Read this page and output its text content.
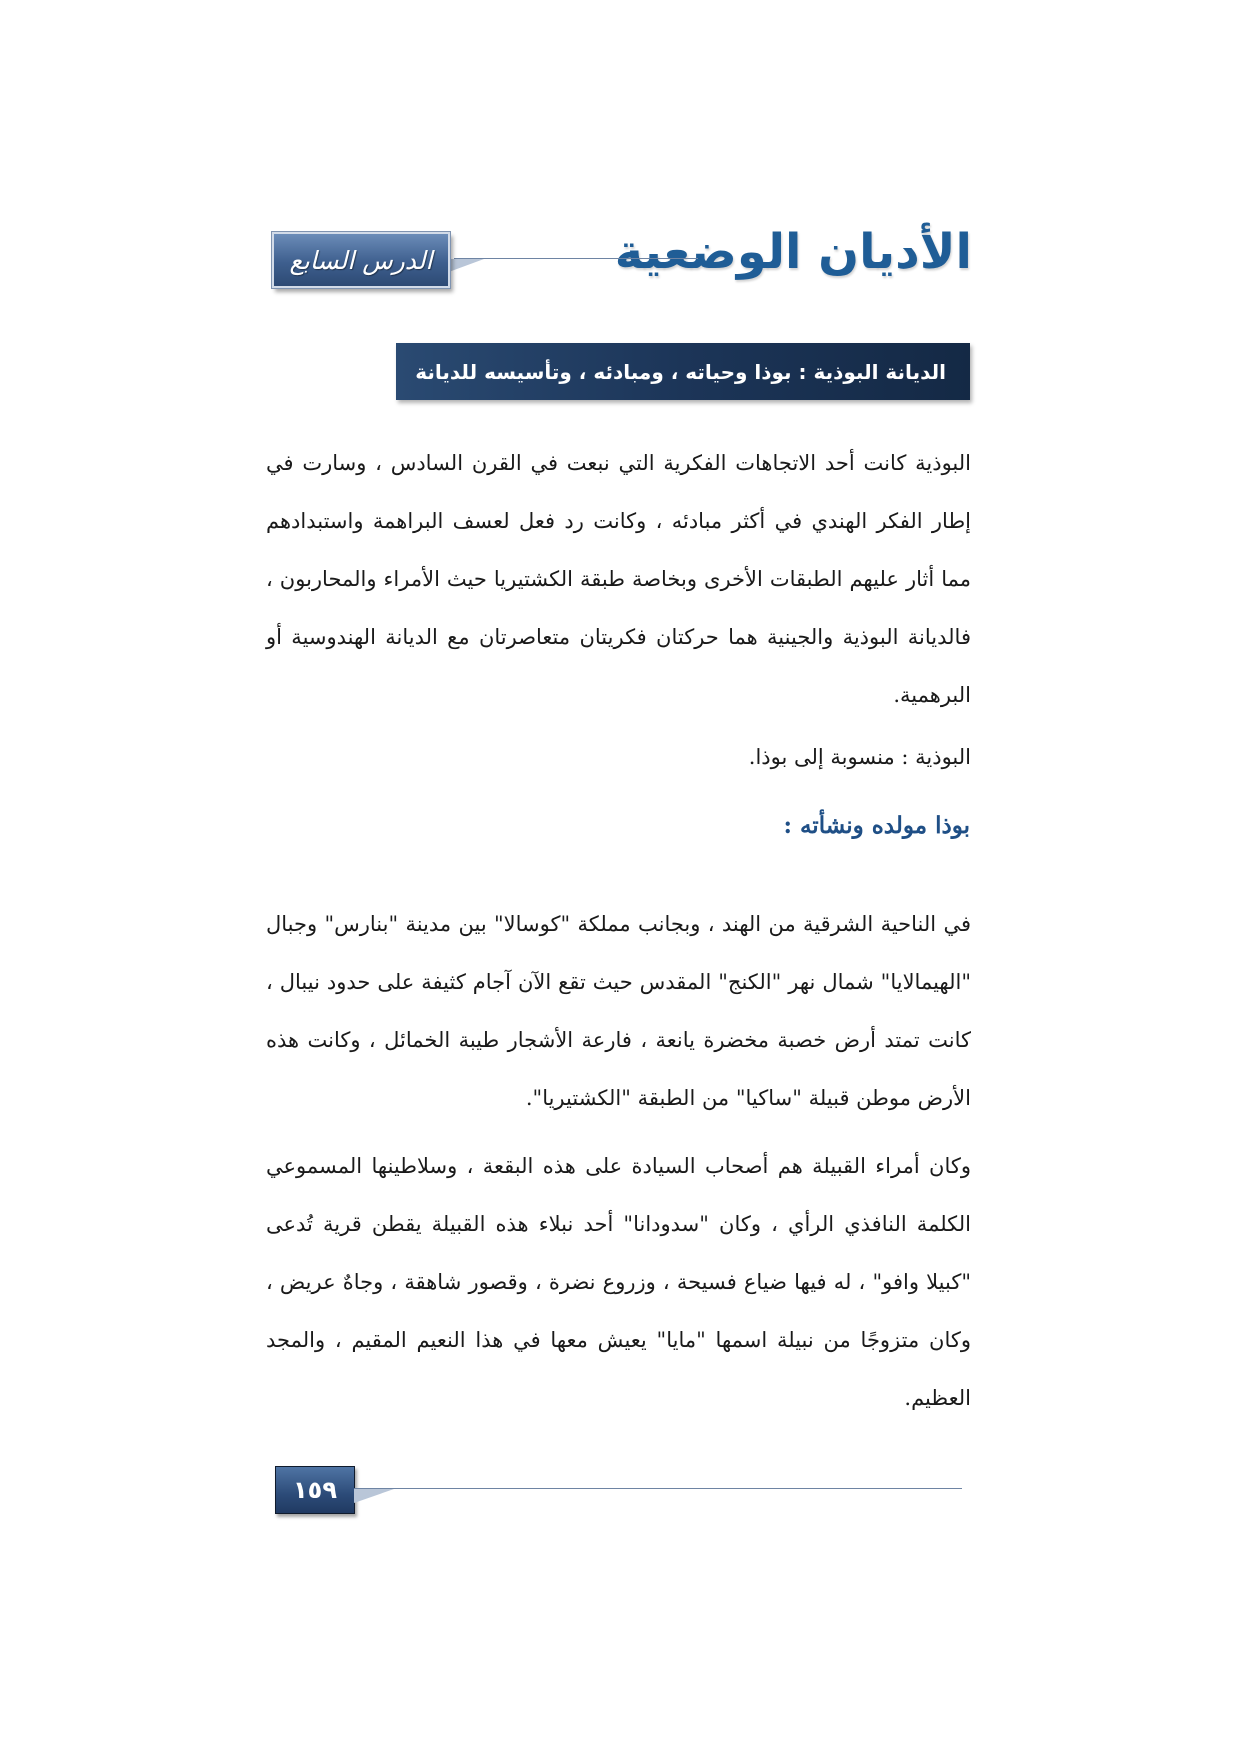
الأديان الوضعية
الدرس السابع
الديانة البوذية : بوذا وحياته ، ومبادئه ، وتأسيسه للديانة

البوذية كانت أحد الاتجاهات الفكرية التي نبعت في القرن السادس ، وسارت في إطار الفكر الهندي في أكثر مبادئه ، وكانت رد فعل لعسف البراهمة واستبدادهم مما أثار عليهم الطبقات الأخرى وبخاصة طبقة الكشتيريا حيث الأمراء والمحاربون ، فالديانة البوذية والجينية هما حركتان فكريتان متعاصرتان مع الديانة الهندوسية أو البرهمية.

البوذية : منسوبة إلى بوذا.

بوذا مولده ونشأته :

في الناحية الشرقية من الهند ، وبجانب مملكة "كوسالا" بين مدينة "بنارس" وجبال "الهيمالايا" شمال نهر "الكنج" المقدس حيث تقع الآن آجام كثيفة على حدود نيبال ، كانت تمتد أرض خصبة مخضرة يانعة ، فارعة الأشجار طيبة الخمائل ، وكانت هذه الأرض موطن قبيلة "ساكيا" من الطبقة "الكشتيريا".

وكان أمراء القبيلة هم أصحاب السيادة على هذه البقعة ، وسلاطينها المسموعي الكلمة النافذي الرأي ، وكان "سدودانا" أحد نبلاء هذه القبيلة يقطن قرية تُدعى "كبيلا وافو" ، له فيها ضياع فسيحة ، وزروع نضرة ، وقصور شاهقة ، وجاهٌ عريض ، وكان متزوجًا من نبيلة اسمها "مايا" يعيش معها في هذا النعيم المقيم ، والمجد العظيم.

١٥٩
